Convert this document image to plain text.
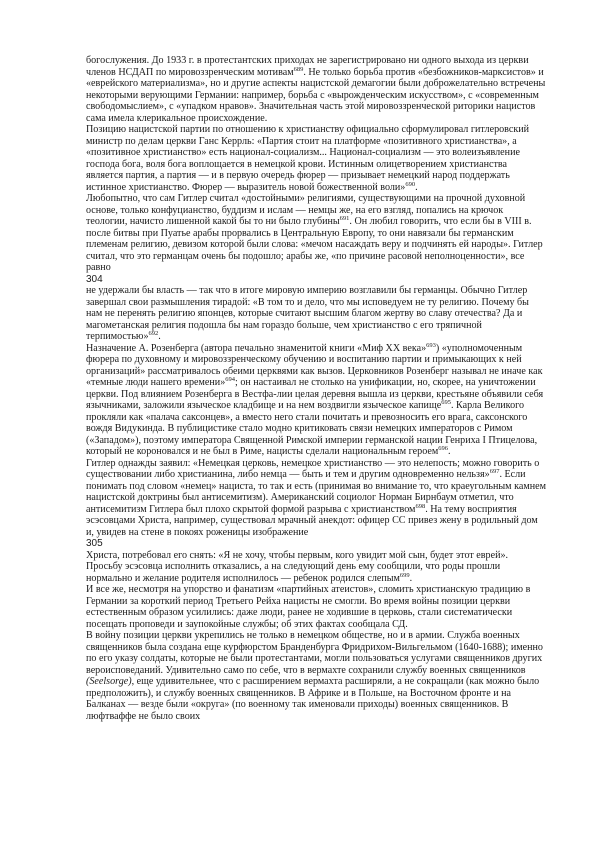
богослужения. До 1933 г. в протестантских приходах не зарегистрировано ни одного выхода из церкви членов НСДАП по мировоззренческим мотивам$^{689}$. Не только борьба против «безбожников-марксистов» и «еврейского материализма», но и другие аспекты нацистской демагогии были доброжелательно встречены некоторыми верующими Германии: например, борьба с «вырожденческим искусством», с «современным свободомыслием», с «упадком нравов». Значительная часть этой мировоззренческой риторики нацистов сама имела клерикальное происхождение.

Позицию нацистской партии по отношению к христианству официально сформулировал гитлеровский министр по делам церкви Ганс Керрль: «Партия стоит на платформе «позитивного христианства», а «позитивное христианство» есть национал-социализм... Национал-социализм — это волеизъявление господа бога, воля бога воплощается в немецкой крови. Истинным олицетворением христианства является партия, а партия — и в первую очередь фюрер — призывает немецкий народ поддержать истинное христианство. Фюрер — выразитель новой божественной воли»$^{690}$.

Любопытно, что сам Гитлер считал «достойными» религиями, существующими на прочной духовной основе, только конфуцианство, буддизм и ислам — немцы же, на его взгляд, попались на крючок теологии, начисто лишенной какой бы то ни было глубины$^{691}$. Он любил говорить, что если бы в VIII в. после битвы при Пуатье арабы прорвались в Центральную Европу, то они навязали бы германским племенам религию, девизом которой были слова: «мечом насаждать веру и подчинять ей народы». Гитлер считал, что это германцам очень бы подошло; арабы же, «по причине расовой неполноценности», все равно

304

не удержали бы власть — так что в итоге мировую империю возглавили бы германцы. Обычно Гитлер завершал свои размышления тирадой: «В том то и дело, что мы исповедуем не ту религию. Почему бы нам не перенять религию японцев, которые считают высшим благом жертву во славу отечества? Да и магометанская религия подошла бы нам гораздо больше, чем христианство с его тряпичной терпимостью»$^{692}$.

Назначение А. Розенберга (автора печально знаменитой книги «Миф XX века»$^{693}$) «уполномоченным фюрера по духовному и мировоззренческому обучению и воспитанию партии и примыкающих к ней организаций» рассматривалось обеими церквями как вызов. Церковников Розенберг называл не иначе как «темные люди нашего времени»$^{694}$; он настаивал не столько на унификации, но, скорее, на уничтожении церкви. Под влиянием Розенберга в Вестфа-лии целая деревня вышла из церкви, крестьяне объявили себя язычниками, заложили языческое кладбище и на нем воздвигли языческое капище$^{695}$. Карла Великого прокляли как «палача саксонцев», а вместо него стали почитать и превозносить его врага, саксонского вождя Видукинда. В публицистике стало модно критиковать связи немецких императоров с Римом («Западом»), поэтому императора Священной Римской империи германской нации Генриха I Птицелова, который не короновался и не был в Риме, нацисты сделали национальным героем$^{696}$.

Гитлер однажды заявил: «Немецкая церковь, немецкое христианство — это нелепость; можно говорить о существовании либо христианина, либо немца — быть и тем и другим одновременно нельзя»$^{697}$. Если понимать под словом «немец» нациста, то так и есть (принимая во внимание то, что краеугольным камнем нацистской доктрины был антисемитизм). Американский социолог Норман Бирнбаум отметил, что антисемитизм Гитлера был плохо скрытой формой разрыва с христианством$^{698}$. На тему восприятия эсэсовцами Христа, например, существовал мрачный анекдот: офицер СС привез жену в родильный дом и, увидев на стене в покоях роженицы изображение

305

Христа, потребовал его снять: «Я не хочу, чтобы первым, кого увидит мой сын, будет этот еврей». Просьбу эсэсовца исполнить отказались, а на следующий день ему сообщили, что роды прошли нормально и желание родителя исполнилось — ребенок родился слепым$^{699}$.

И все же, несмотря на упорство и фанатизм «партийных атеистов», сломить христианскую традицию в Германии за короткий период Третьего Рейха нацисты не смогли. Во время войны позиции церкви естественным образом усилились: даже люди, ранее не ходившие в церковь, стали систематически посещать проповеди и заупокойные службы; об этих фактах сообщала СД.

В войну позиции церкви укрепились не только в немецком обществе, но и в армии. Служба военных священников была создана еще курфюрстом Бранденбурга Фридрихом-Вильгельмом (1640-1688); именно по его указу солдаты, которые не были протестантами, могли пользоваться услугами священников других вероисповеданий. Удивительно само по себе, что в вермахте сохранили службу военных священников (Seelsorge), еще удивительнее, что с расширением вермахта расширяли, а не сокращали (как можно было предположить), и службу военных священников. В Африке и в Польше, на Восточном фронте и на Балканах — везде были «округа» (по военному так именовали приходы) военных священников. В люфтваффе не было своих
